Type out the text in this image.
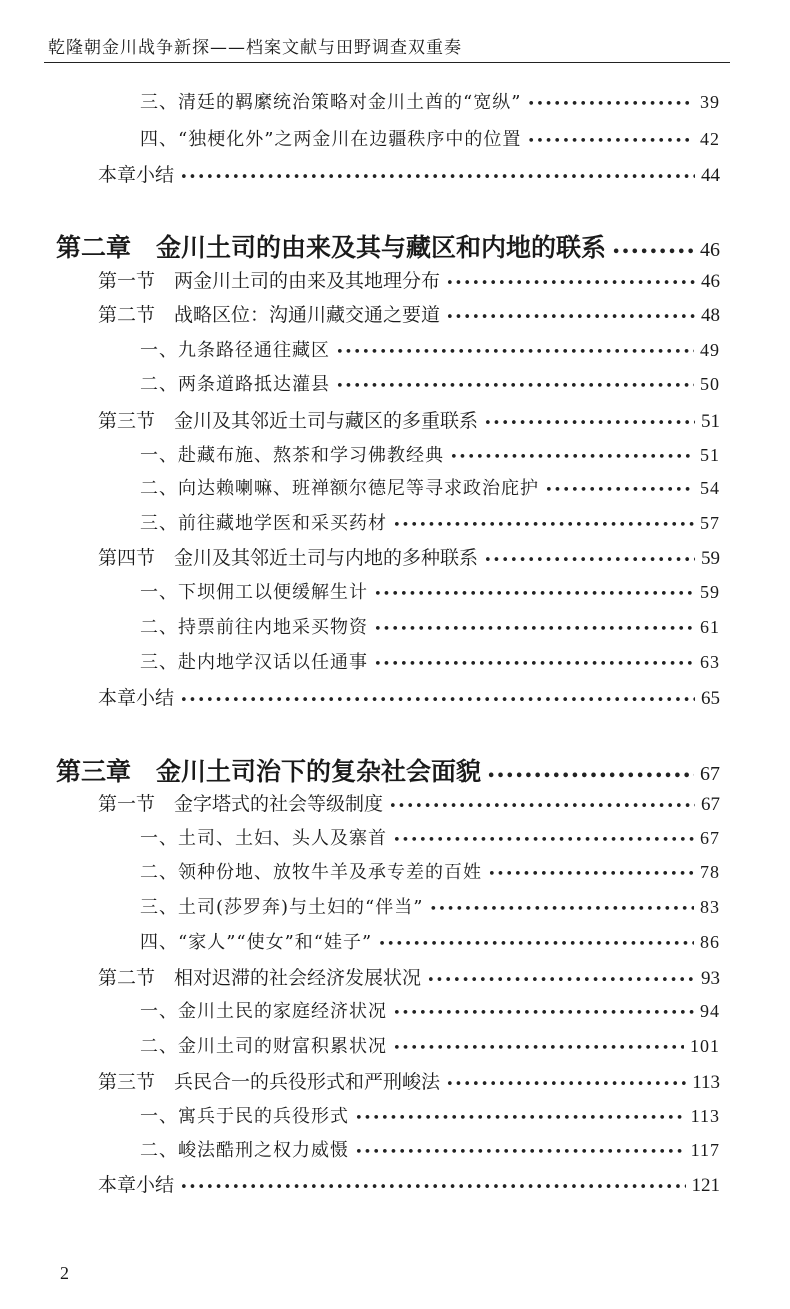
乾隆朝金川战争新探——档案文献与田野调查双重奏
三、清廷的羁縻统治策略对金川土酋的“宽纵” •••••	39
四、“独梗化外”之两金川在边疆秩序中的位置 •••••	42
本章小结 •••••	44
第二章　金川土司的由来及其与藏区和内地的联系 •••••	46
第一节　两金川土司的由来及其地理分布 •••••	46
第二节　战略区位：沟通川藏交通之要道 •••••	48
一、九条路径通往藏区 •••••	49
二、两条道路抵达灌县 •••••	50
第三节　金川及其邻近土司与藏区的多重联系 •••••	51
一、赴藏布施、熬茶和学习佛教经典 •••••	51
二、向达赖喇嘛、班禅额尔德尼等寻求政治庇护 •••••	54
三、前往藏地学医和采买药材 •••••	57
第四节　金川及其邻近土司与内地的多种联系 •••••	59
一、下坝佣工以便缓解生计 •••••	59
二、持票前往内地采买物资 •••••	61
三、赴内地学汉话以任通事 •••••	63
本章小结 •••••	65
第三章　金川土司治下的复杂社会面貌 •••••	67
第一节　金字塔式的社会等级制度 •••••	67
一、土司、土妇、头人及寨首 •••••	67
二、领种份地、放牧牛羊及承专差的百姓 •••••	78
三、土司(莎罗奔)与土妇的“伴当” •••••	83
四、“家人”“使女”和“娃子” •••••	86
第二节　相对迟滞的社会经济发展状况 •••••	93
一、金川土民的家庭经济状况 •••••	94
二、金川土司的财富积累状况 •••••	101
第三节　兵民合一的兵役形式和严刑峻法 •••••	113
一、寓兵于民的兵役形式 •••••	113
二、峻法酷刑之权力威慑 •••••	117
本章小结 •••••	121
2
